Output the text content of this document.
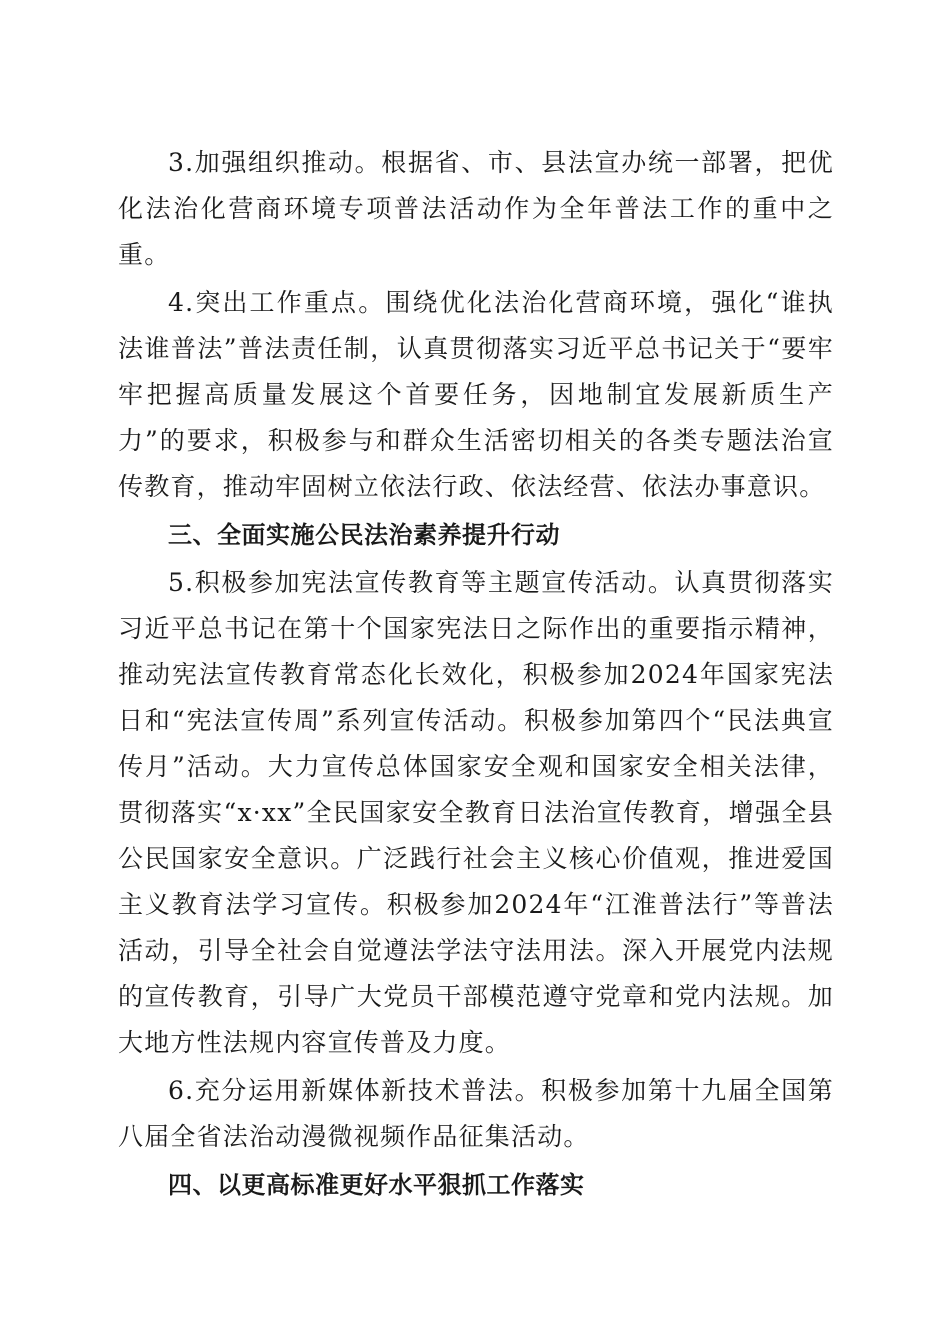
3.加强组织推动。根据省、市、县法宣办统一部署，把优化法治化营商环境专项普法活动作为全年普法工作的重中之重。

4.突出工作重点。围绕优化法治化营商环境，强化“谁执法谁普法”普法责任制，认真贯彻落实习近平总书记关于“要牢牢把握高质量发展这个首要任务，因地制宜发展新质生产力”的要求，积极参与和群众生活密切相关的各类专题法治宣传教育，推动牢固树立依法行政、依法经营、依法办事意识。

三、全面实施公民法治素养提升行动

5.积极参加宪法宣传教育等主题宣传活动。认真贯彻落实习近平总书记在第十个国家宪法日之际作出的重要指示精神，推动宪法宣传教育常态化长效化，积极参加2024年国家宪法日和“宪法宣传周”系列宣传活动。积极参加第四个“民法典宣传月”活动。大力宣传总体国家安全观和国家安全相关法律，贯彻落实“x·xx”全民国家安全教育日法治宣传教育，增强全县公民国家安全意识。广泛践行社会主义核心价值观，推进爱国主义教育法学习宣传。积极参加2024年“江淮普法行”等普法活动，引导全社会自觉遵法学法守法用法。深入开展党内法规的宣传教育，引导广大党员干部模范遵守党章和党内法规。加大地方性法规内容宣传普及力度。

6.充分运用新媒体新技术普法。积极参加第十九届全国第八届全省法治动漫微视频作品征集活动。

四、以更高标准更好水平狠抓工作落实
